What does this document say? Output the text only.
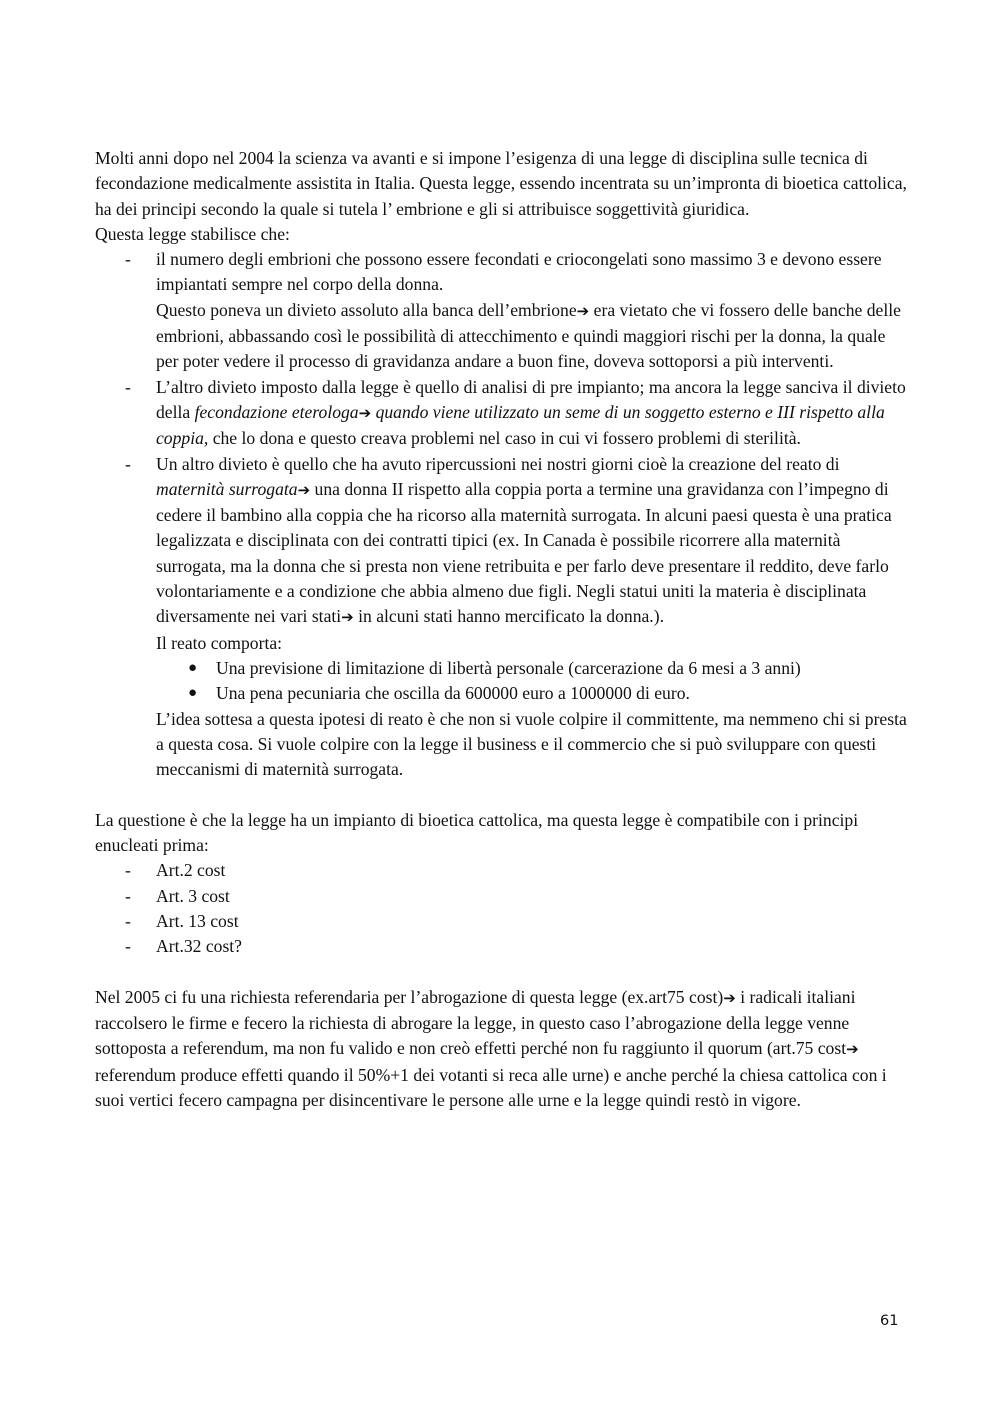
Molti anni dopo nel 2004 la scienza va avanti e si impone l’esigenza di una legge di disciplina sulle tecnica di fecondazione medicalmente assistita in Italia. Questa legge, essendo incentrata su un’impronta di bioetica cattolica, ha dei principi secondo la quale si tutela l’ embrione e gli si attribuisce soggettività giuridica.

Questa legge stabilisce che:

- il numero degli embrioni che possono essere fecondati e criocongelati sono massimo 3 e devono essere impiantati sempre nel corpo della donna.
Questo poneva un divieto assoluto alla banca dell’embrione➔ era vietato che vi fossero delle banche delle embrioni, abbassando così le possibilità di attecchimento e quindi maggiori rischi per la donna, la quale per poter vedere il processo di gravidanza andare a buon fine, doveva sottoporsi a più interventi.
- L’altro divieto imposto dalla legge è quello di analisi di pre impianto; ma ancora la legge sanciva il divieto della fecondazione eterologa➔ quando viene utilizzato un seme di un soggetto esterno e III rispetto alla coppia, che lo dona e questo creava problemi nel caso in cui vi fossero problemi di sterilità.
- Un altro divieto è quello che ha avuto ripercussioni nei nostri giorni cioè la creazione del reato di maternità surrogata➔ una donna II rispetto alla coppia porta a termine una gravidanza con l’impegno di cedere il bambino alla coppia che ha ricorso alla maternità surrogata. In alcuni paesi questa è una pratica legalizzata e disciplinata con dei contratti tipici (ex. In Canada è possibile ricorrere alla maternità surrogata, ma la donna che si presta non viene retribuita e per farlo deve presentare il reddito, deve farlo volontariamente e a condizione che abbia almeno due figli. Negli statui uniti la materia è disciplinata diversamente nei vari stati➔ in alcuni stati hanno mercificato la donna.).
Il reato comporta:
● Una previsione di limitazione di libertà personale (carcerazione da 6 mesi a 3 anni)
● Una pena pecuniaria che oscilla da 600000 euro a 1000000 di euro.

L’idea sottesa a questa ipotesi di reato è che non si vuole colpire il committente, ma nemmeno chi si presta a questa cosa. Si vuole colpire con la legge il business e il commercio che si può sviluppare con questi meccanismi di maternità surrogata.

La questione è che la legge ha un impianto di bioetica cattolica, ma questa legge è compatibile con i principi enucleati prima:

- Art.2 cost
- Art. 3 cost
- Art. 13 cost
- Art.32 cost?

Nel 2005 ci fu una richiesta referendaria per l’abrogazione di questa legge (ex.art75 cost)➔ i radicali italiani raccolsero le firme e fecero la richiesta di abrogare la legge, in questo caso l’abrogazione della legge venne sottoposta a referendum, ma non fu valido e non creò effetti perché non fu raggiunto il quorum (art.75 cost➔ referendum produce effetti quando il 50%+1 dei votanti si reca alle urne) e anche perché la chiesa cattolica con i suoi vertici fecero campagna per disincentivare le persone alle urne e la legge quindi restò in vigore.

61
